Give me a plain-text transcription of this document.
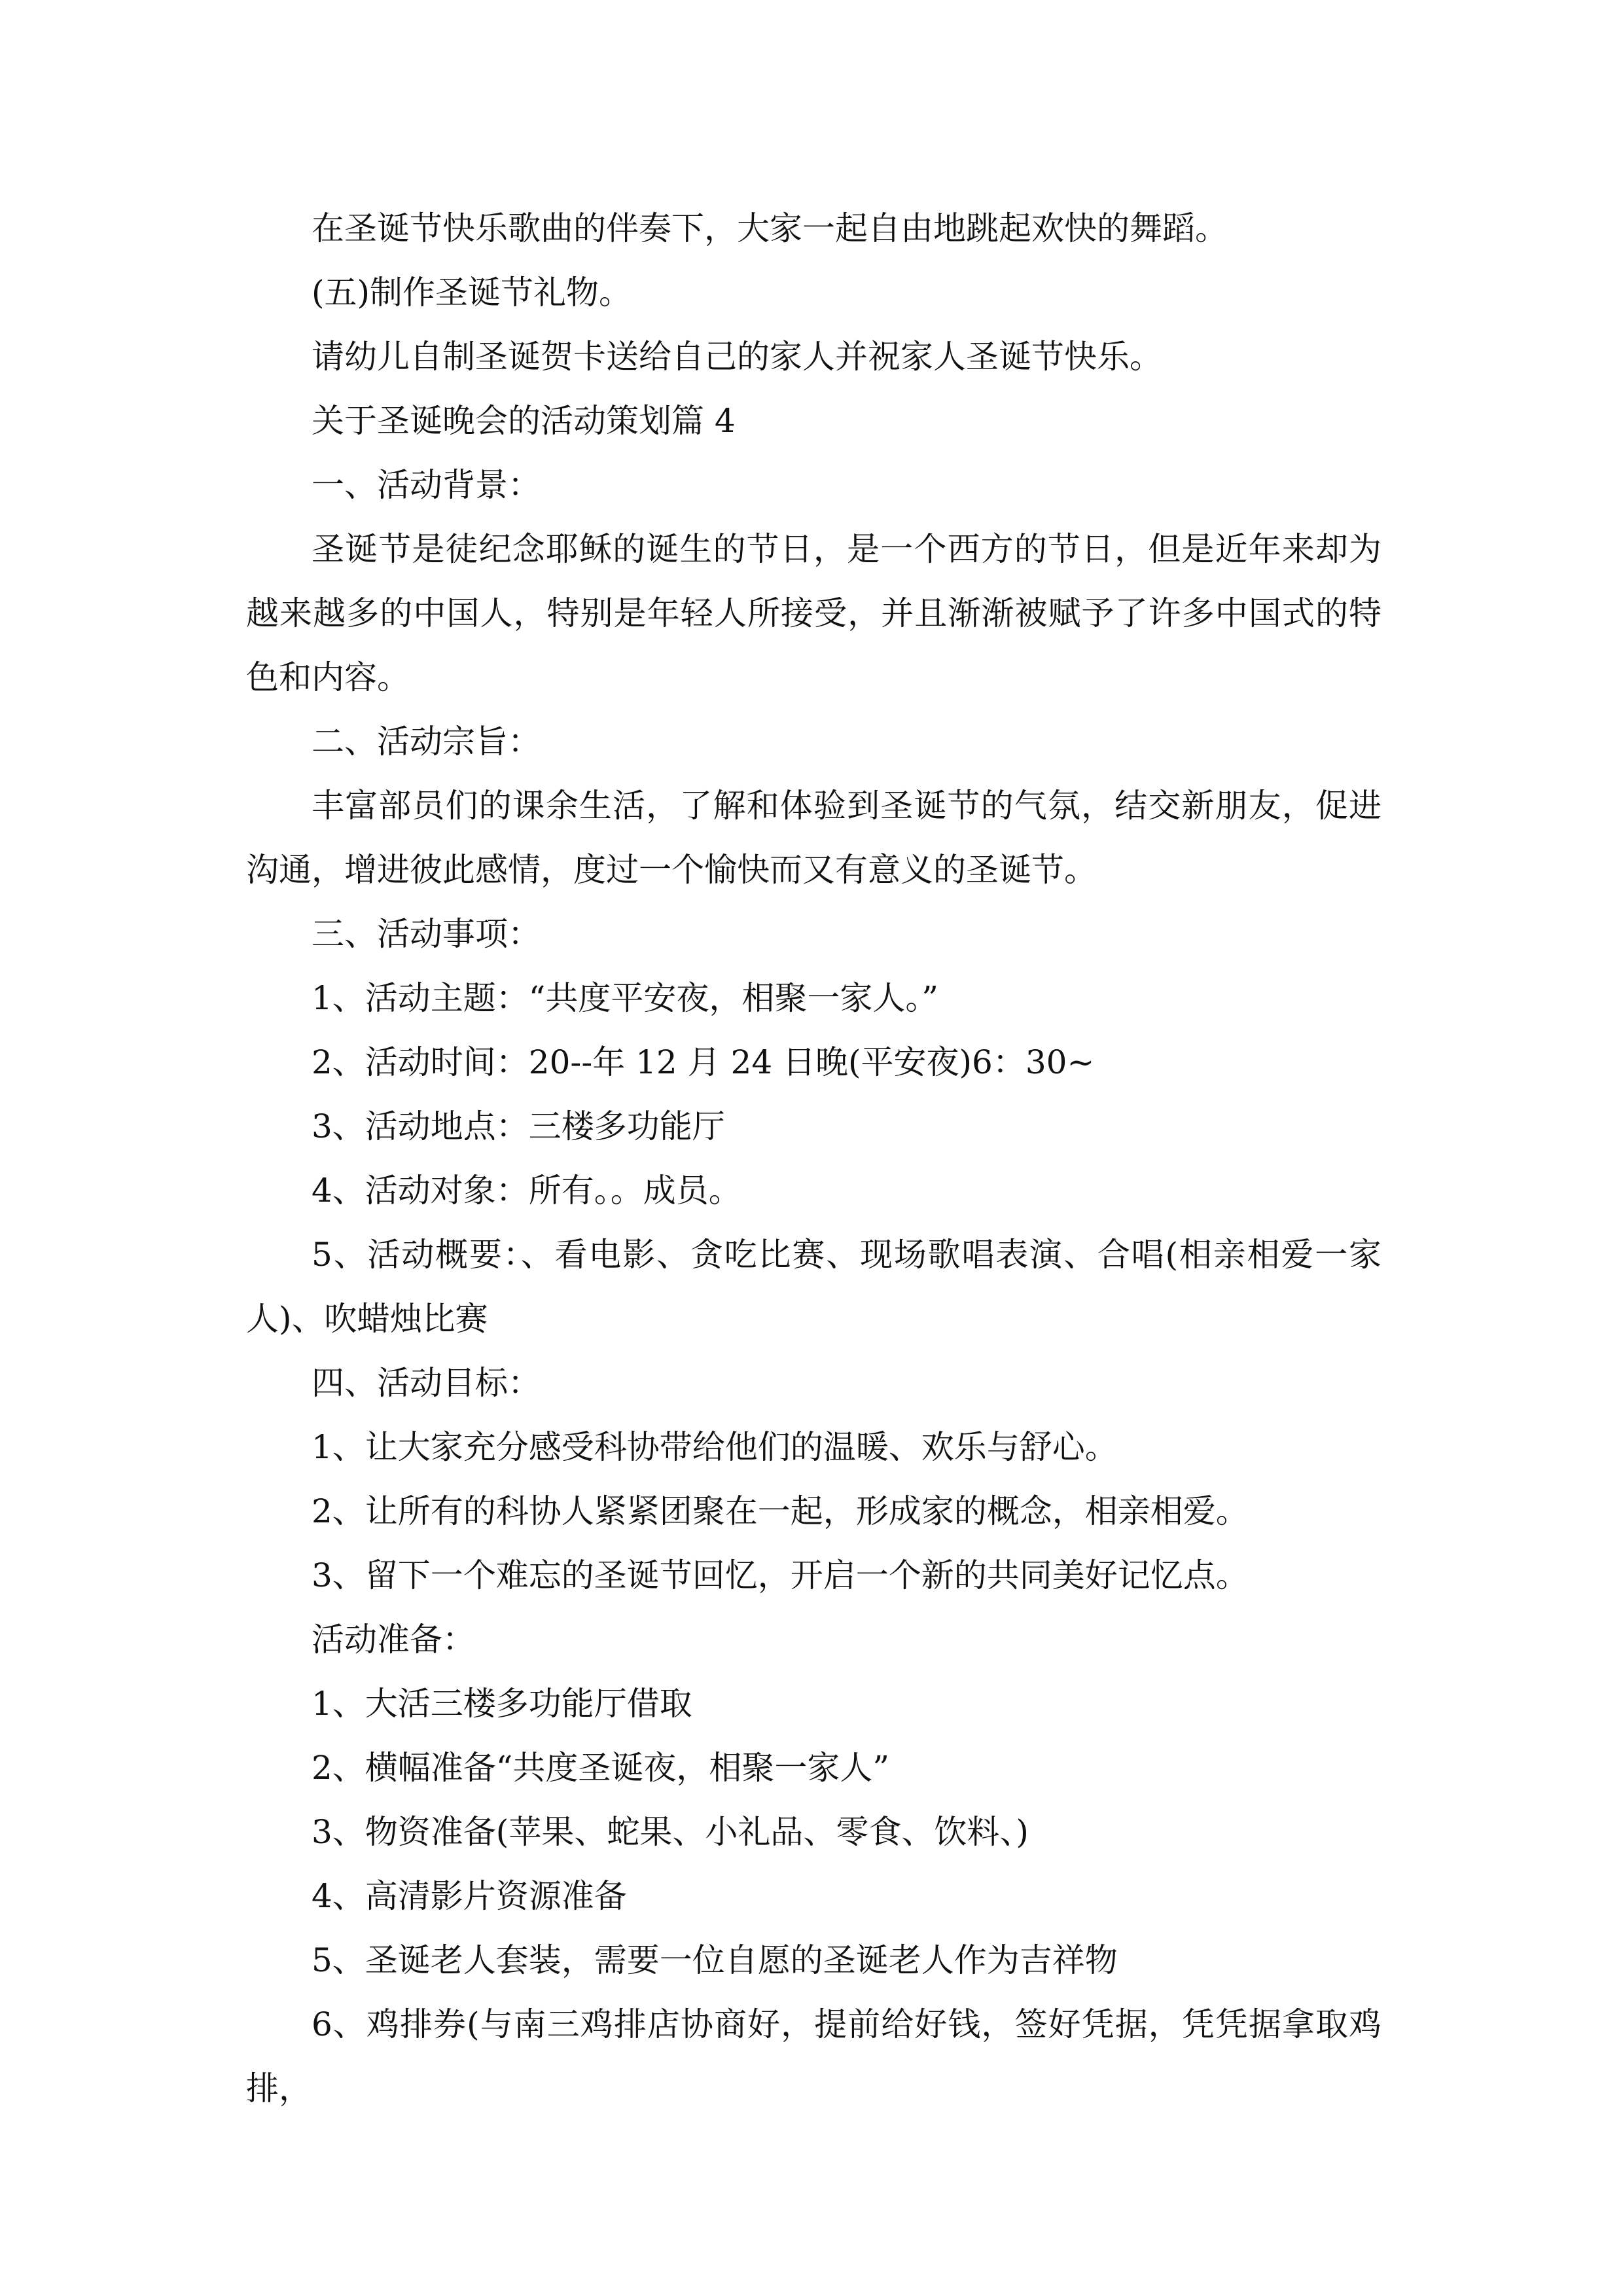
在圣诞节快乐歌曲的伴奏下，大家一起自由地跳起欢快的舞蹈。

(五)制作圣诞节礼物。

请幼儿自制圣诞贺卡送给自己的家人并祝家人圣诞节快乐。

关于圣诞晚会的活动策划篇 4

一、活动背景：

圣诞节是徒纪念耶稣的诞生的节日，是一个西方的节日，但是近年来却为越来越多的中国人，特别是年轻人所接受，并且渐渐被赋予了许多中国式的特色和内容。

二、活动宗旨：

丰富部员们的课余生活，了解和体验到圣诞节的气氛，结交新朋友，促进沟通，增进彼此感情，度过一个愉快而又有意义的圣诞节。

三、活动事项：

1、活动主题：“共度平安夜，相聚一家人。”

2、活动时间：20--年 12 月 24 日晚(平安夜)6：30~

3、活动地点：三楼多功能厅

4、活动对象：所有。。成员。

5、活动概要：、看电影、贪吃比赛、现场歌唱表演、合唱(相亲相爱一家人)、吹蜡烛比赛

四、活动目标：

1、让大家充分感受科协带给他们的温暖、欢乐与舒心。

2、让所有的科协人紧紧团聚在一起，形成家的概念，相亲相爱。

3、留下一个难忘的圣诞节回忆，开启一个新的共同美好记忆点。

活动准备：

1、大活三楼多功能厅借取

2、横幅准备“共度圣诞夜，相聚一家人”

3、物资准备(苹果、蛇果、小礼品、零食、饮料、)

4、高清影片资源准备

5、圣诞老人套装，需要一位自愿的圣诞老人作为吉祥物

6、鸡排券(与南三鸡排店协商好，提前给好钱，签好凭据，凭凭据拿取鸡排，
